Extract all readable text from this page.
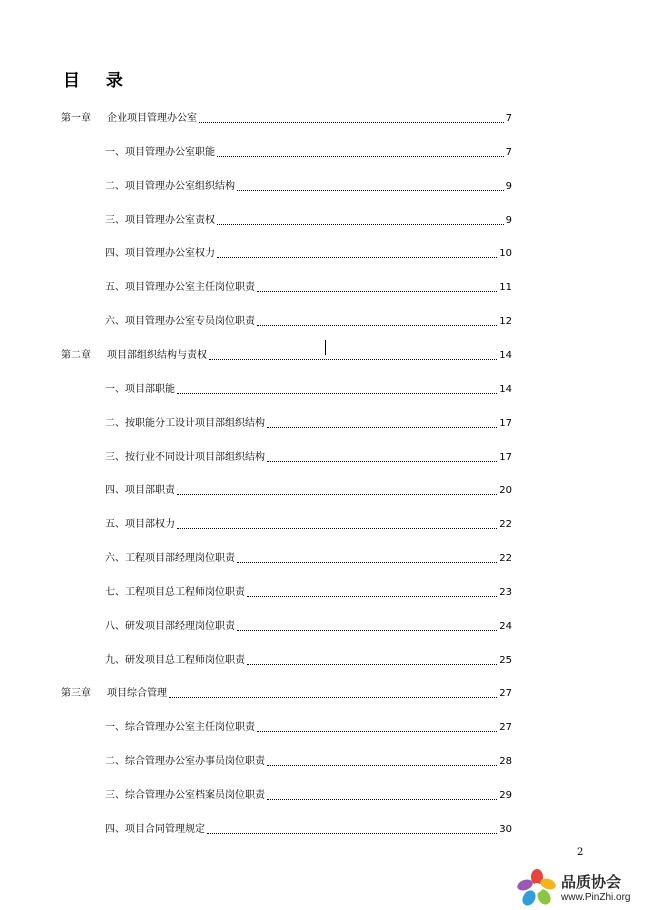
目 录
第一章	企业项目管理办公室	7
一、项目管理办公室职能	7
二、项目管理办公室组织结构	9
三、项目管理办公室责权	9
四、项目管理办公室权力	10
五、项目管理办公室主任岗位职责	11
六、项目管理办公室专员岗位职责	12
第二章	项目部组织结构与责权	14
一、项目部职能	14
二、按职能分工设计项目部组织结构	17
三、按行业不同设计项目部组织结构	17
四、项目部职责	20
五、项目部权力	22
六、工程项目部经理岗位职责	22
七、工程项目总工程师岗位职责	23
八、研发项目部经理岗位职责	24
九、研发项目总工程师岗位职责	25
第三章	项目综合管理	27
一、综合管理办公室主任岗位职责	27
二、综合管理办公室办事员岗位职责	28
三、综合管理办公室档案员岗位职责	29
四、项目合同管理规定	30
2
品质协会
www.PinZhi.org
